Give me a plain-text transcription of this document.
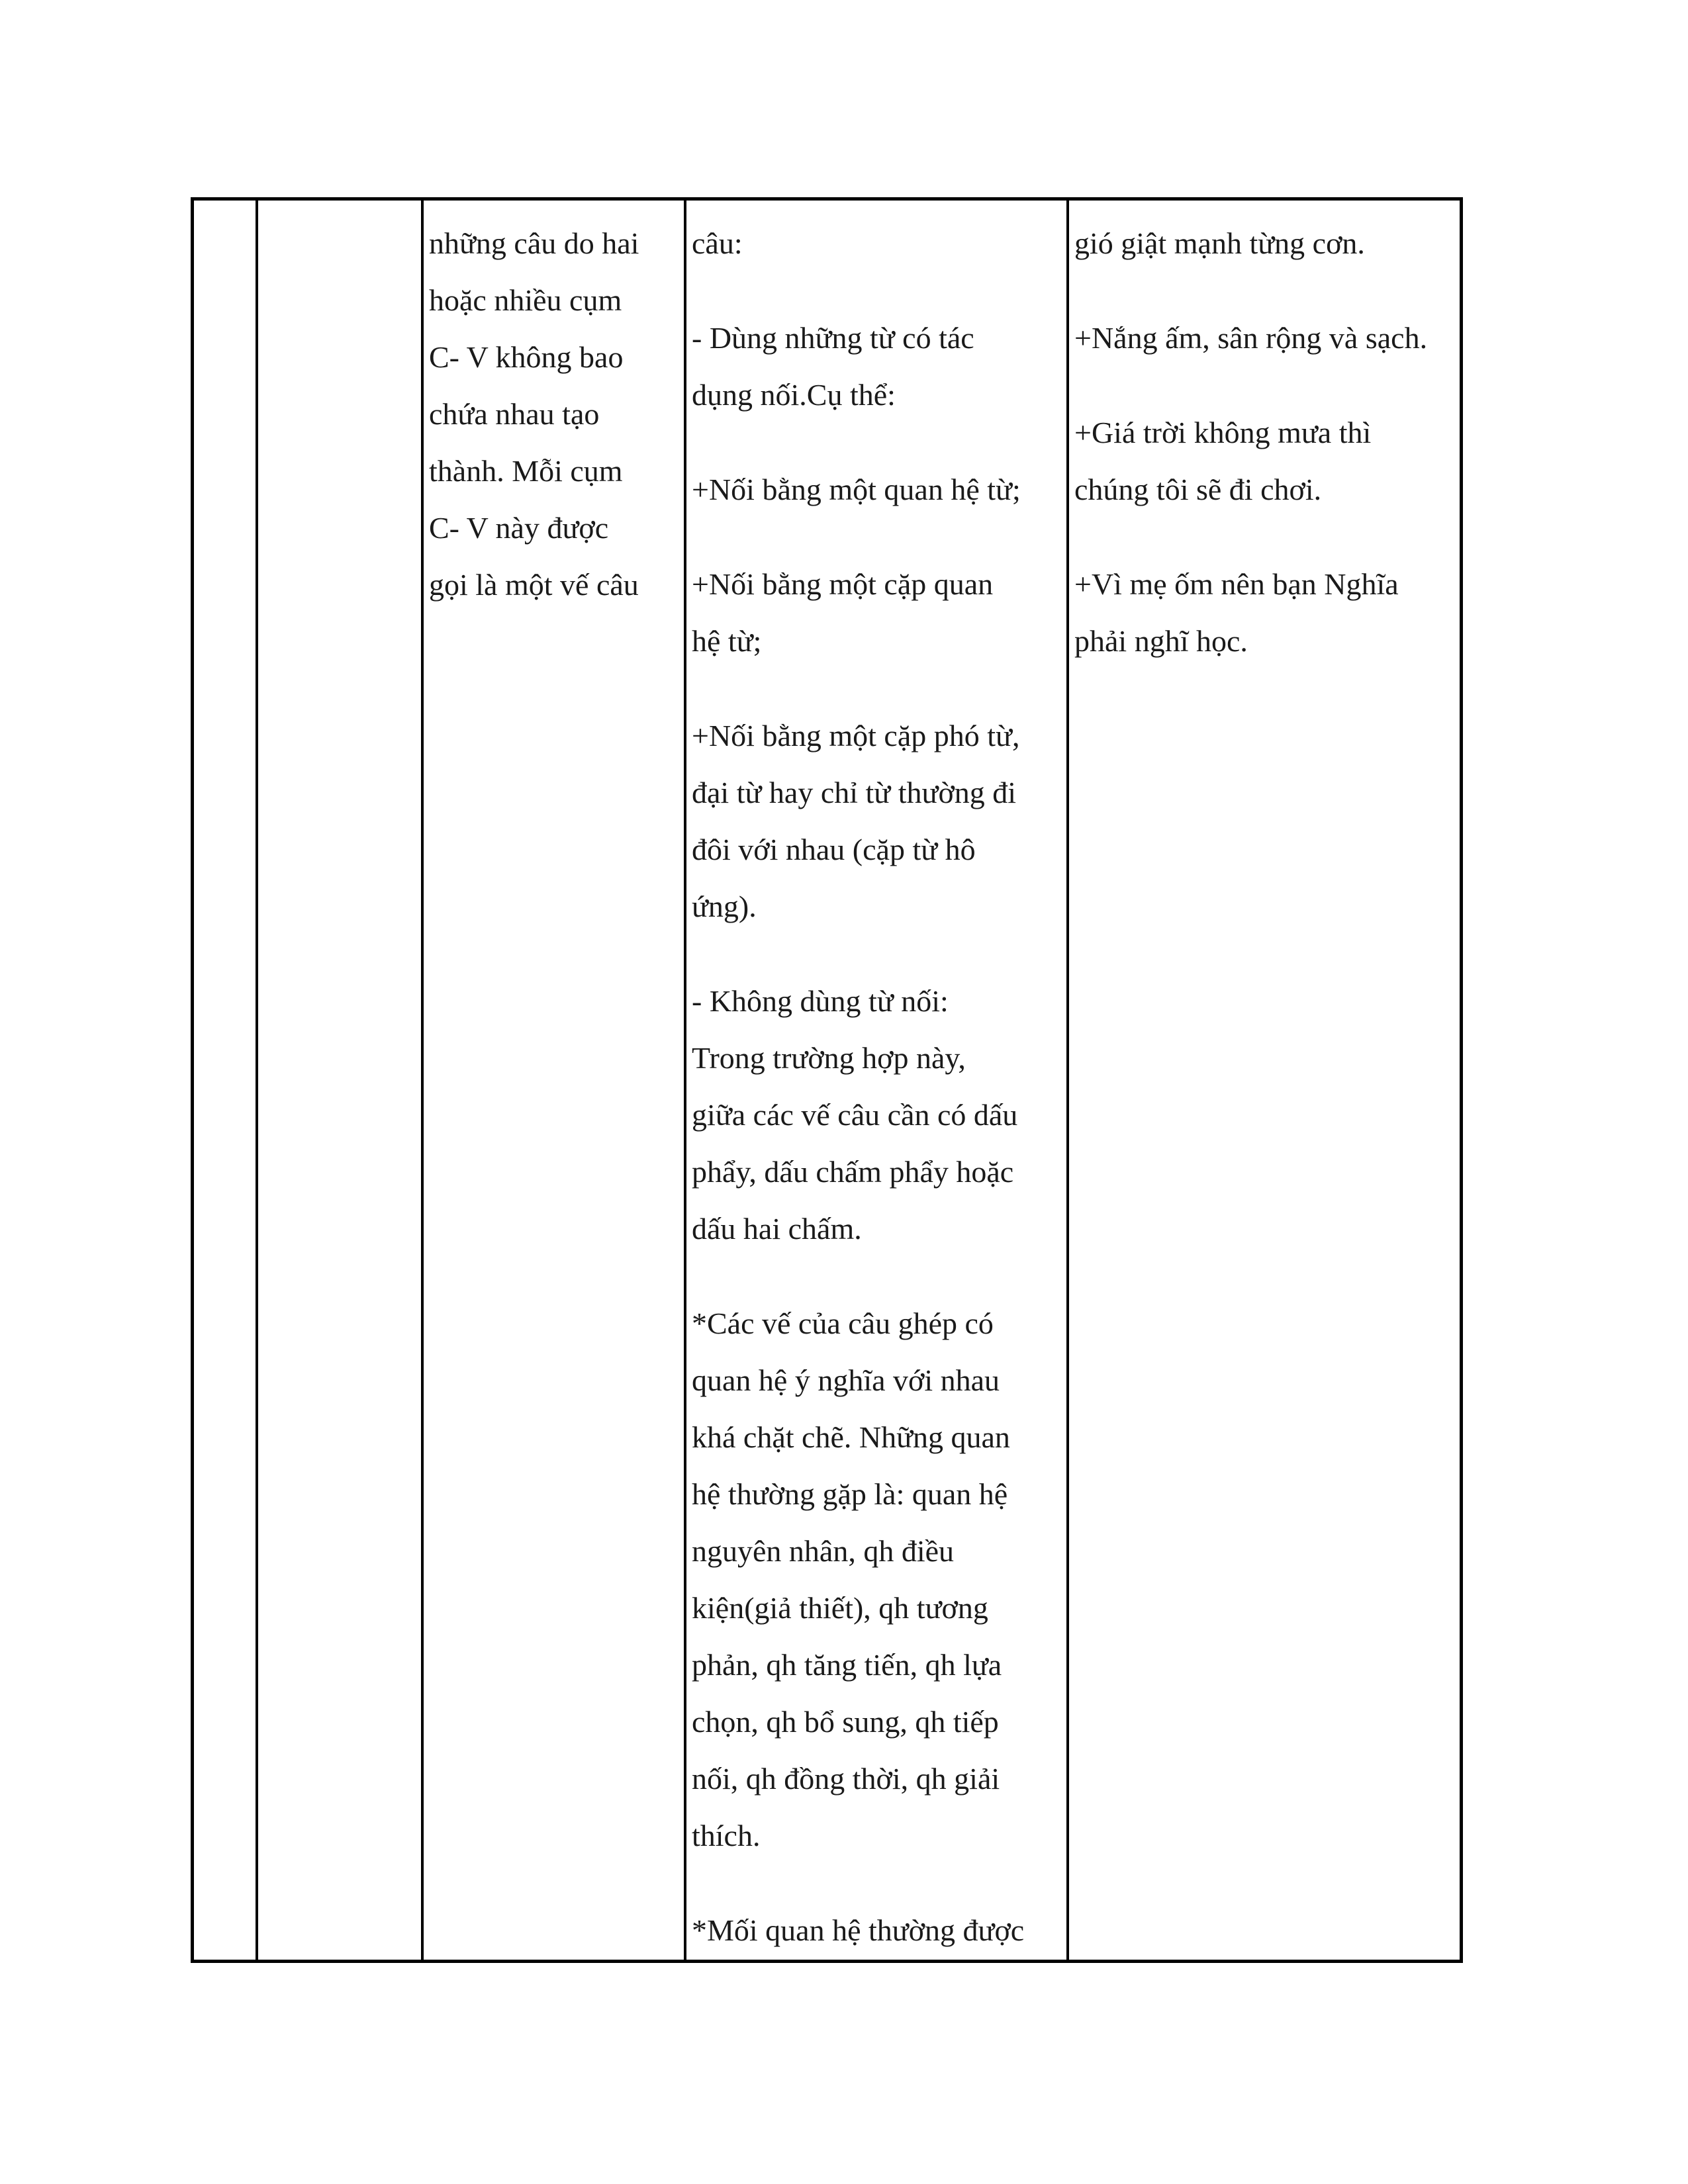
những câu do hai
hoặc nhiều cụm
C- V không bao
chứa nhau tạo
thành. Mỗi cụm
C- V này được
gọi là một vế câu
câu:
- Dùng những từ có tác
dụng nối.Cụ thể:
+Nối bằng một quan hệ từ;
+Nối bằng một cặp quan
hệ từ;
+Nối bằng một cặp phó từ,
đại từ hay chỉ từ thường đi
đôi với nhau (cặp từ hô
ứng).
- Không dùng từ nối:
Trong trường hợp này,
giữa các vế câu cần có dấu
phẩy, dấu chấm phẩy hoặc
dấu hai chấm.
*Các vế của câu ghép có
quan hệ ý nghĩa với nhau
khá chặt chẽ. Những quan
hệ thường gặp là: quan hệ
nguyên nhân, qh điều
kiện(giả thiết), qh tương
phản, qh tăng tiến, qh lựa
chọn, qh bổ sung, qh tiếp
nối, qh đồng thời, qh giải
thích.
*Mối quan hệ thường được
gió giật mạnh từng cơn.
+Nắng ấm, sân rộng và sạch.
+Giá trời không mưa thì
chúng tôi sẽ đi chơi.
+Vì mẹ ốm nên bạn Nghĩa
phải nghĩ học.
